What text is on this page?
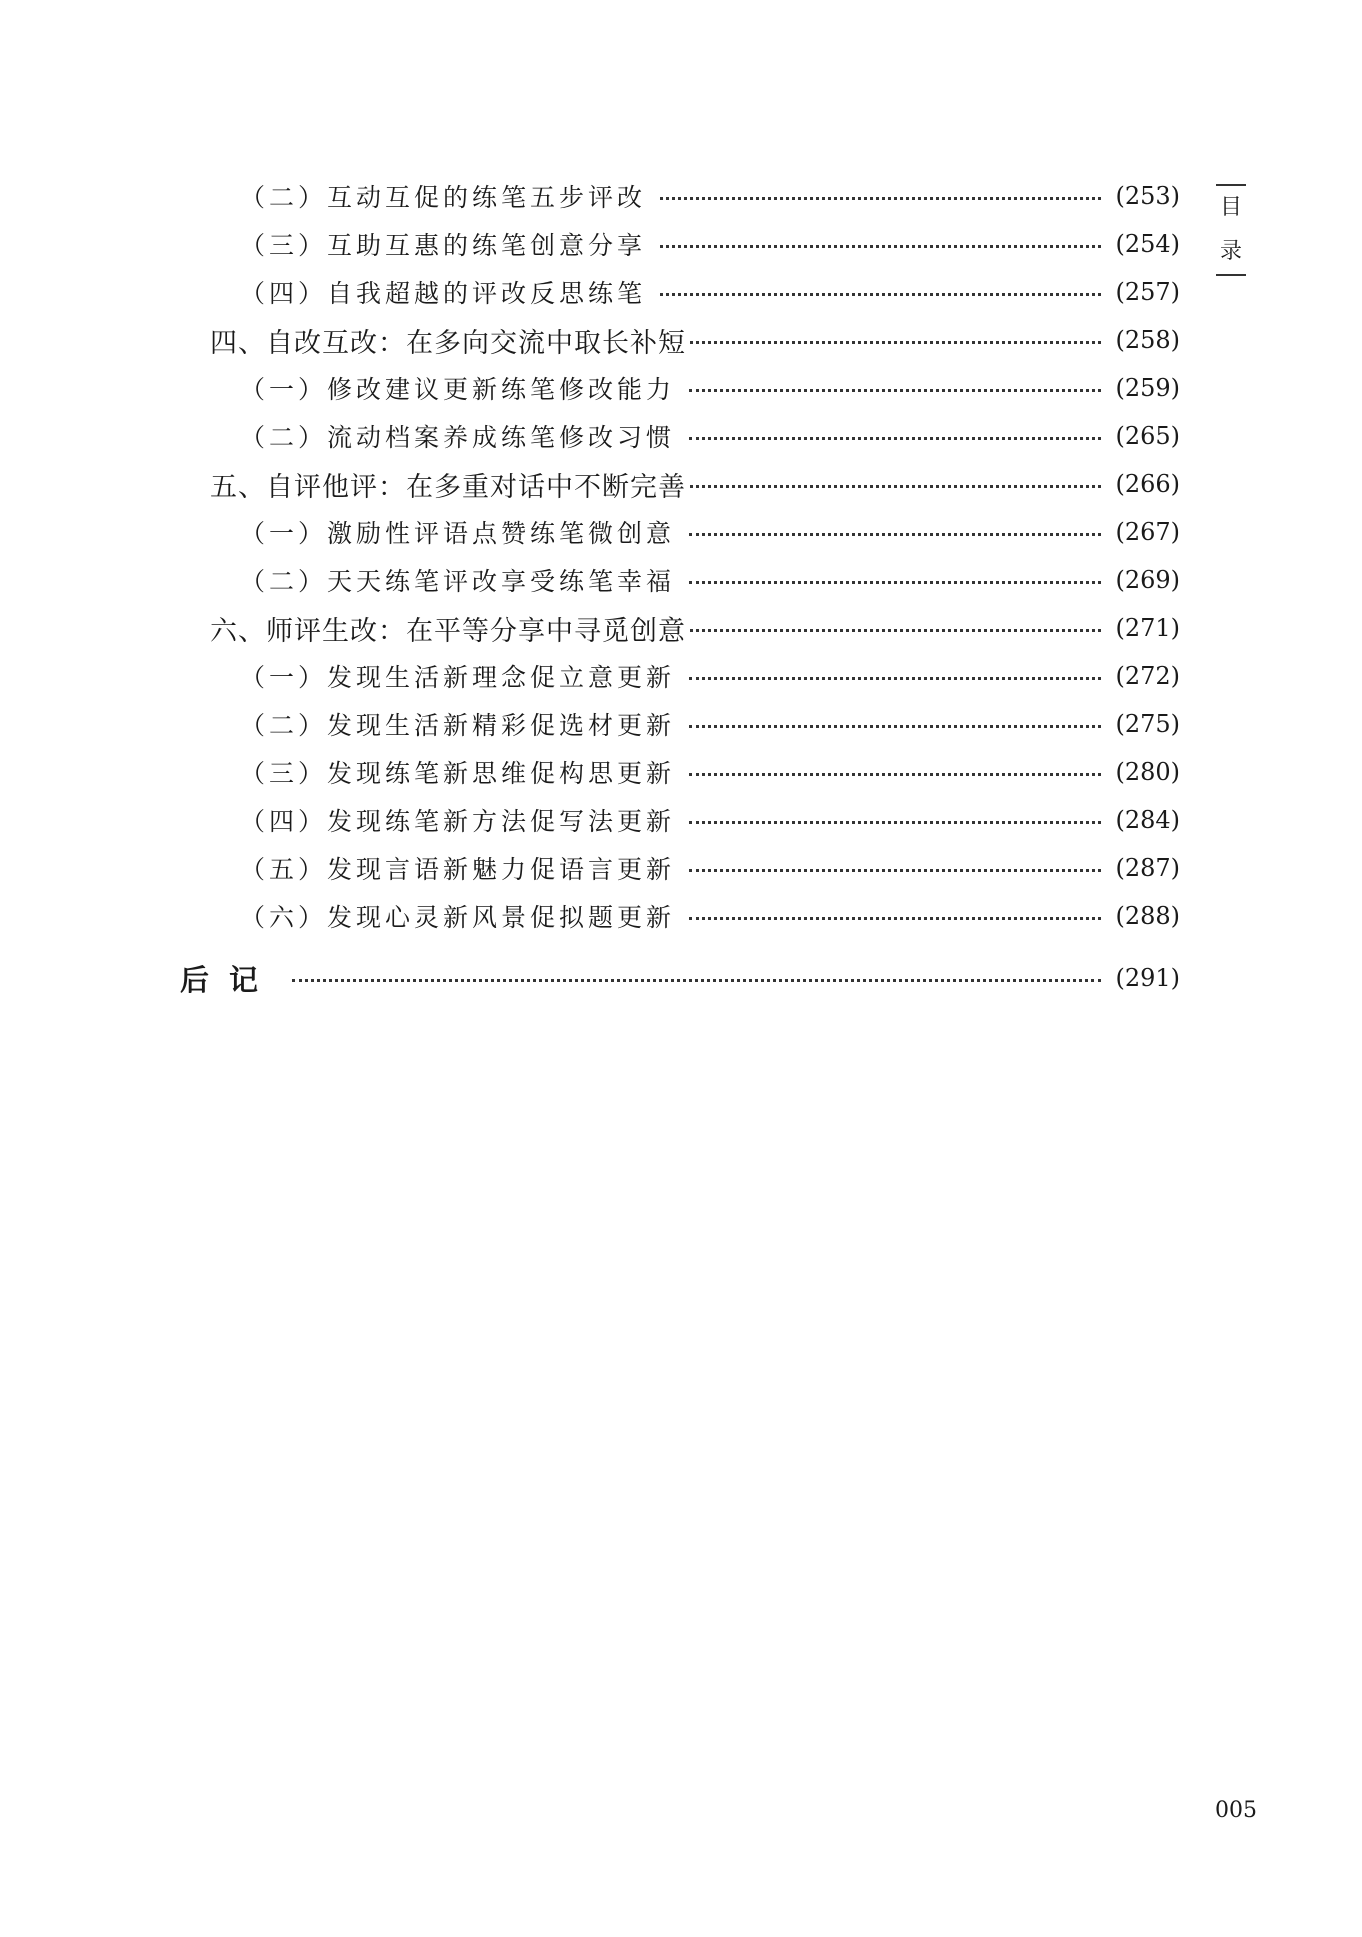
目
录
（二）互动互促的练笔五步评改	(253)
（三）互助互惠的练笔创意分享	(254)
（四）自我超越的评改反思练笔	(257)
四、自改互改：在多向交流中取长补短	(258)
（一）修改建议更新练笔修改能力	(259)
（二）流动档案养成练笔修改习惯	(265)
五、自评他评：在多重对话中不断完善	(266)
（一）激励性评语点赞练笔微创意	(267)
（二）天天练笔评改享受练笔幸福	(269)
六、师评生改：在平等分享中寻觅创意	(271)
（一）发现生活新理念促立意更新	(272)
（二）发现生活新精彩促选材更新	(275)
（三）发现练笔新思维促构思更新	(280)
（四）发现练笔新方法促写法更新	(284)
（五）发现言语新魅力促语言更新	(287)
（六）发现心灵新风景促拟题更新	(288)
后记	(291)
005
